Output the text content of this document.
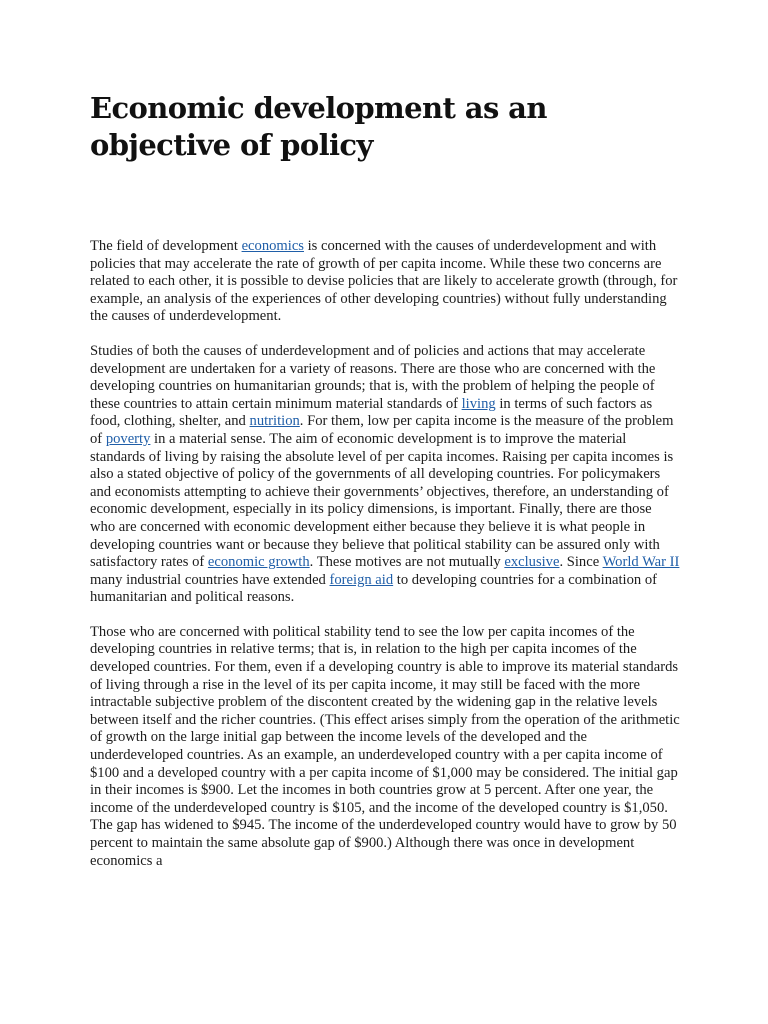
Economic development as an objective of policy

The field of development economics is concerned with the causes of underdevelopment and with policies that may accelerate the rate of growth of per capita income. While these two concerns are related to each other, it is possible to devise policies that are likely to accelerate growth (through, for example, an analysis of the experiences of other developing countries) without fully understanding the causes of underdevelopment.

Studies of both the causes of underdevelopment and of policies and actions that may accelerate development are undertaken for a variety of reasons. There are those who are concerned with the developing countries on humanitarian grounds; that is, with the problem of helping the people of these countries to attain certain minimum material standards of living in terms of such factors as food, clothing, shelter, and nutrition. For them, low per capita income is the measure of the problem of poverty in a material sense. The aim of economic development is to improve the material standards of living by raising the absolute level of per capita incomes. Raising per capita incomes is also a stated objective of policy of the governments of all developing countries. For policymakers and economists attempting to achieve their governments’ objectives, therefore, an understanding of economic development, especially in its policy dimensions, is important. Finally, there are those who are concerned with economic development either because they believe it is what people in developing countries want or because they believe that political stability can be assured only with satisfactory rates of economic growth. These motives are not mutually exclusive. Since World War II many industrial countries have extended foreign aid to developing countries for a combination of humanitarian and political reasons.

Those who are concerned with political stability tend to see the low per capita incomes of the developing countries in relative terms; that is, in relation to the high per capita incomes of the developed countries. For them, even if a developing country is able to improve its material standards of living through a rise in the level of its per capita income, it may still be faced with the more intractable subjective problem of the discontent created by the widening gap in the relative levels between itself and the richer countries. (This effect arises simply from the operation of the arithmetic of growth on the large initial gap between the income levels of the developed and the underdeveloped countries. As an example, an underdeveloped country with a per capita income of $100 and a developed country with a per capita income of $1,000 may be considered. The initial gap in their incomes is $900. Let the incomes in both countries grow at 5 percent. After one year, the income of the underdeveloped country is $105, and the income of the developed country is $1,050. The gap has widened to $945. The income of the underdeveloped country would have to grow by 50 percent to maintain the same absolute gap of $900.) Although there was once in development economics a
